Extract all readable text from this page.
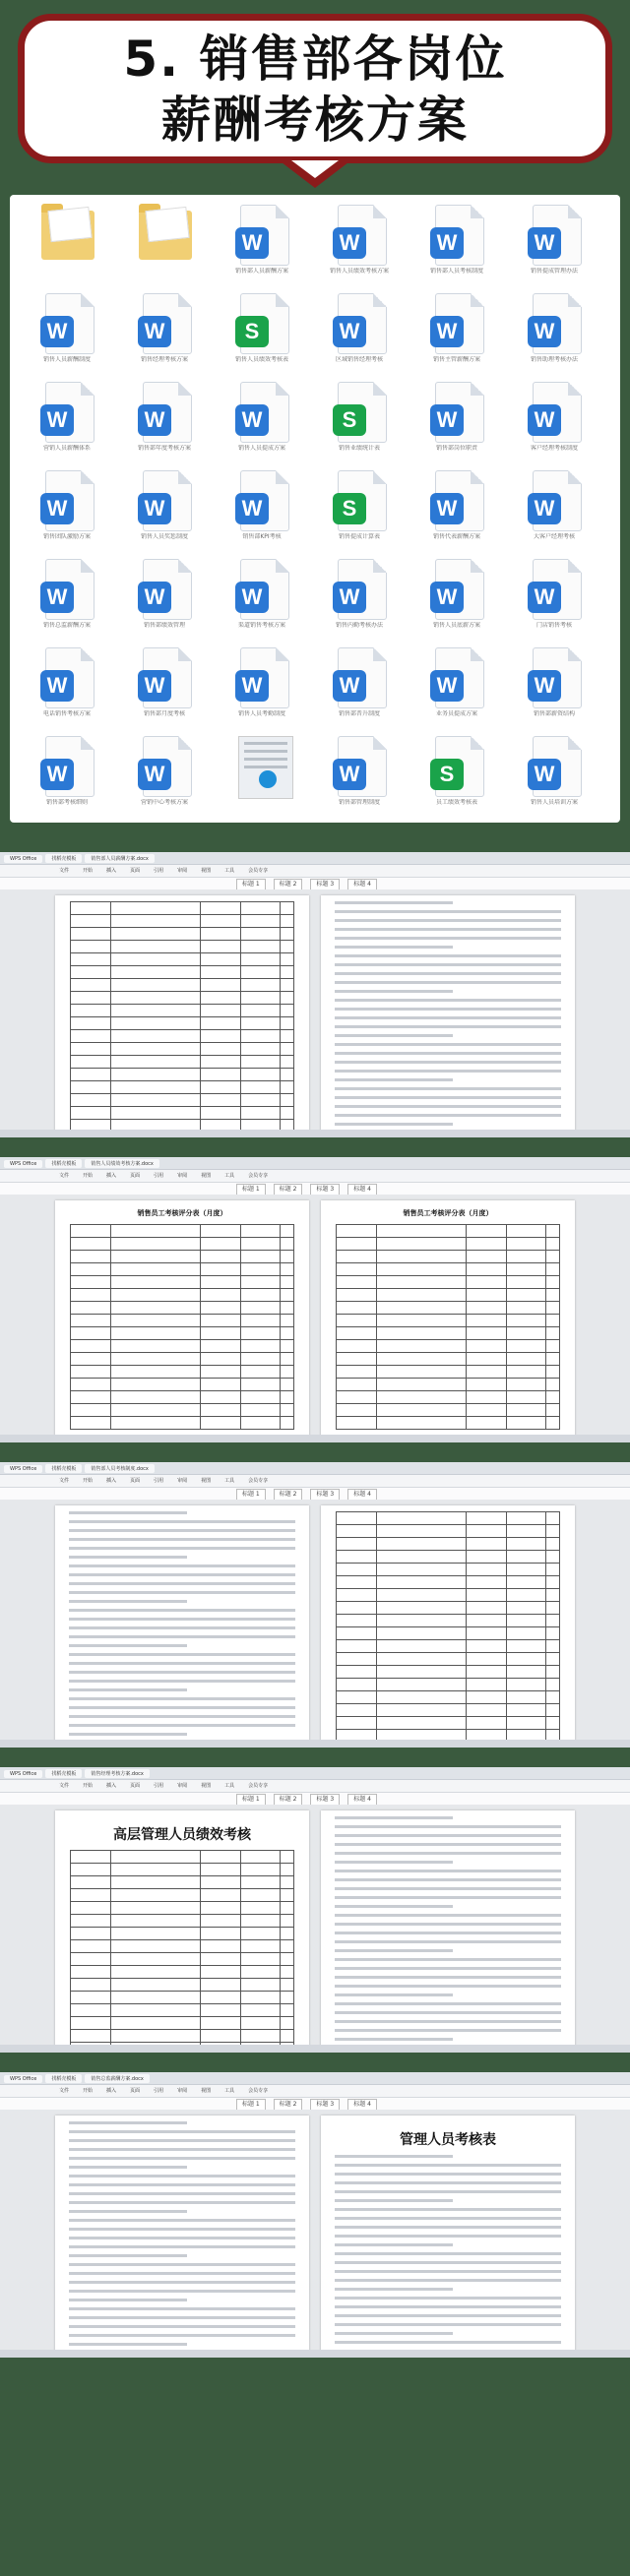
5. 销售部各岗位
薪酬考核方案
W
销售部人员薪酬方案
W
销售人员绩效考核方案
W
销售部人员考核制度
W
销售提成管理办法
W
销售人员薪酬制度
W
销售经理考核方案
S
销售人员绩效考核表
W
区域销售经理考核
W
销售主管薪酬方案
W
销售助理考核办法
W
营销人员薪酬体系
W
销售部年度考核方案
W
销售人员提成方案
S
销售业绩统计表
W
销售部岗位职责
W
客户经理考核制度
W
销售团队激励方案
W
销售人员奖惩制度
W
销售部KPI考核
S
销售提成计算表
W
销售代表薪酬方案
W
大客户经理考核
W
销售总监薪酬方案
W
销售部绩效管理
W
渠道销售考核方案
W
销售内勤考核办法
W
销售人员底薪方案
W
门店销售考核
W
电话销售考核方案
W
销售部月度考核
W
销售人员考勤制度
W
销售部晋升制度
W
业务员提成方案
W
销售部薪资结构
W
销售部考核细则
W
营销中心考核方案
W
销售部管理制度
S
员工绩效考核表
W
销售人员培训方案
WPS Office	找稻壳模板	销售部人员薪酬方案.docx
文件	开始	插入	页面	引用	审阅	视图	工具	会员专享
标题 1	标题 2	标题 3	标题 4

WPS Office	找稻壳模板	销售人员绩效考核方案.docx
文件	开始	插入	页面	引用	审阅	视图	工具	会员专享
标题 1	标题 2	标题 3	标题 4
销售员工考核评分表（月度）

					销售员工考核评分表（月度）

WPS Office	找稻壳模板	销售部人员考核制度.docx
文件	开始	插入	页面	引用	审阅	视图	工具	会员专享
标题 1	标题 2	标题 3	标题 4

WPS Office	找稻壳模板	销售经理考核方案.docx
文件	开始	插入	页面	引用	审阅	视图	工具	会员专享
标题 1	标题 2	标题 3	标题 4
高层管理人员绩效考核

WPS Office	找稻壳模板	销售总监薪酬方案.docx
文件	开始	插入	页面	引用	审阅	视图	工具	会员专享
标题 1	标题 2	标题 3	标题 4

管理人员考核表
